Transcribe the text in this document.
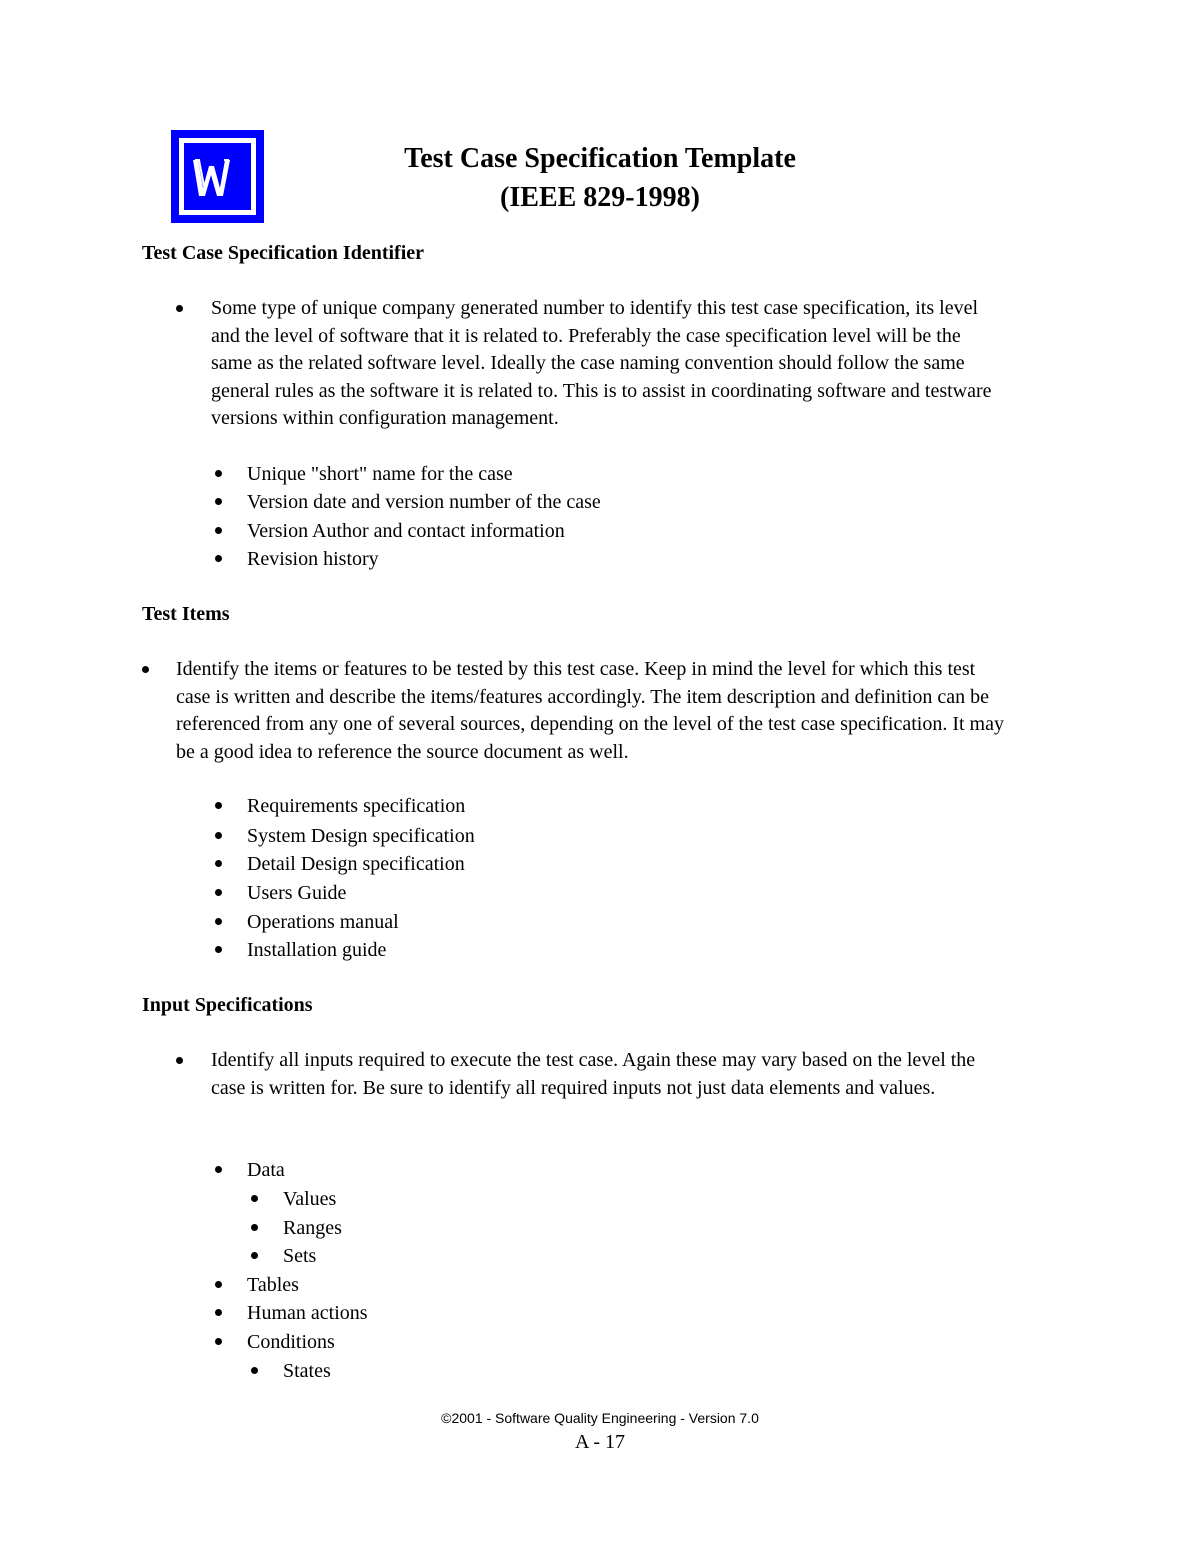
Test Case Specification Template
(IEEE 829-1998)
Test Case Specification Identifier

Some type of unique company generated number to identify this test case specification, its level and the level of software that it is related to. Preferably the case specification level will be the same as the related software level. Ideally the case naming convention should follow the same general rules as the software it is related to. This is to assist in coordinating software and testware versions within configuration management.

Unique "short" name for the case
Version date and version number of the case
Version Author and contact information
Revision history
Test Items

Identify the items or features to be tested by this test case. Keep in mind the level for which this test case is written and describe the items/features accordingly. The item description and definition can be referenced from any one of several sources, depending on the level of the test case specification. It may be a good idea to reference the source document as well.

Requirements specification
System Design specification
Detail Design specification
Users Guide
Operations manual
Installation guide
Input Specifications

Identify all inputs required to execute the test case. Again these may vary based on the level the case is written for. Be sure to identify all required inputs not just data elements and values.

Data
Values
Ranges
Sets
Tables
Human actions
Conditions
States
©2001 - Software Quality Engineering - Version 7.0
A - 17
